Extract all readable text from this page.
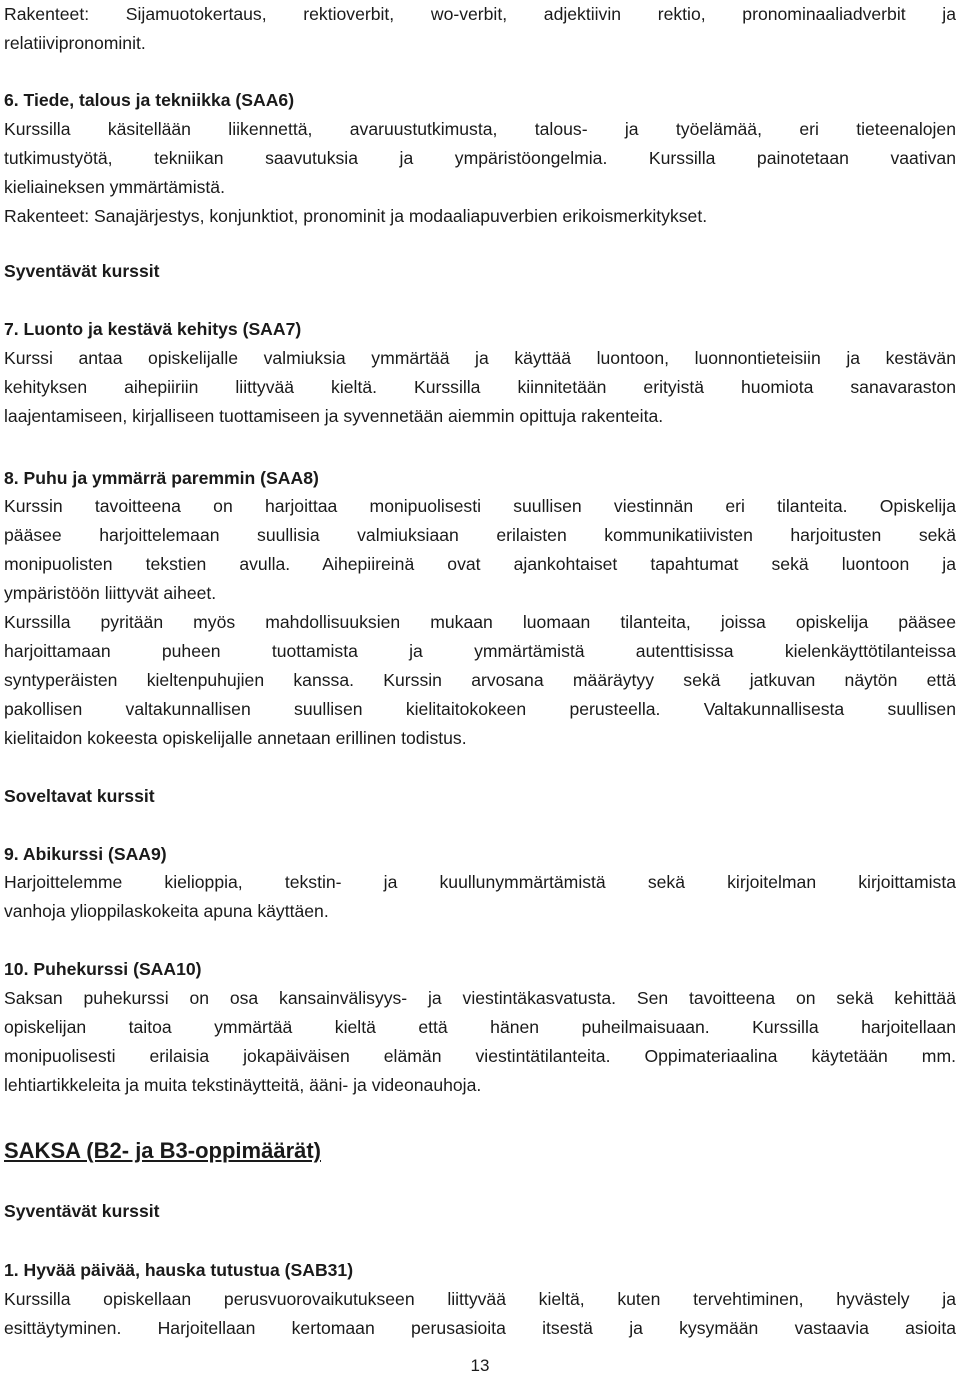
Rakenteet: Sijamuotokertaus, rektioverbit, wo-verbit, adjektiivin rektio, pronominaaliadverbit ja
relatiivipronominit.
6. Tiede, talous ja tekniikka (SAA6)
Kurssilla käsitellään liikennettä, avaruustutkimusta, talous- ja työelämää, eri tieteenalojen
tutkimustyötä, tekniikan saavutuksia ja ympäristöongelmia. Kurssilla painotetaan vaativan
kieliaineksen ymmärtämistä.
Rakenteet: Sanajärjestys, konjunktiot, pronominit ja modaaliapuverbien erikoismerkitykset.
Syventävät kurssit
7. Luonto ja kestävä kehitys (SAA7)
Kurssi antaa opiskelijalle valmiuksia ymmärtää ja käyttää luontoon, luonnontieteisiin ja kestävän
kehityksen aihepiiriin liittyvää kieltä. Kurssilla kiinnitetään erityistä huomiota sanavaraston
laajentamiseen, kirjalliseen tuottamiseen ja syvennetään aiemmin opittuja rakenteita.
8. Puhu ja ymmärrä paremmin (SAA8)
Kurssin tavoitteena on harjoittaa monipuolisesti suullisen viestinnän eri tilanteita. Opiskelija
pääsee harjoittelemaan suullisia valmiuksiaan erilaisten kommunikatiivisten harjoitusten sekä
monipuolisten tekstien avulla. Aihepiireinä ovat ajankohtaiset tapahtumat sekä luontoon ja
ympäristöön liittyvät aiheet.
Kurssilla pyritään myös mahdollisuuksien mukaan luomaan tilanteita, joissa opiskelija pääsee
harjoittamaan puheen tuottamista ja ymmärtämistä autenttisissa kielenkäyttötilanteissa
syntyperäisten kieltenpuhujien kanssa. Kurssin arvosana määräytyy sekä jatkuvan näytön että
pakollisen valtakunnallisen suullisen kielitaitokokeen perusteella. Valtakunnallisesta suullisen
kielitaidon kokeesta opiskelijalle annetaan erillinen todistus.
Soveltavat kurssit
9. Abikurssi (SAA9)
Harjoittelemme kielioppia, tekstin- ja kuullunymmärtämistä sekä kirjoitelman kirjoittamista
vanhoja ylioppilaskokeita apuna käyttäen.
10. Puhekurssi (SAA10)
Saksan puhekurssi on osa kansainvälisyys- ja viestintäkasvatusta. Sen tavoitteena on sekä kehittää
opiskelijan taitoa ymmärtää kieltä että hänen puheilmaisuaan. Kurssilla harjoitellaan
monipuolisesti erilaisia jokapäiväisen elämän viestintätilanteita. Oppimateriaalina käytetään mm.
lehtiartikkeleita ja muita tekstinäytteitä, ääni- ja videonauhoja.
SAKSA (B2- ja B3-oppimäärät)
Syventävät kurssit
1. Hyvää päivää, hauska tutustua (SAB31)
Kurssilla opiskellaan perusvuorovaikutukseen liittyvää kieltä, kuten tervehtiminen, hyvästely ja
esittäytyminen. Harjoitellaan kertomaan perusasioita itsestä ja kysymään vastaavia asioita
13
